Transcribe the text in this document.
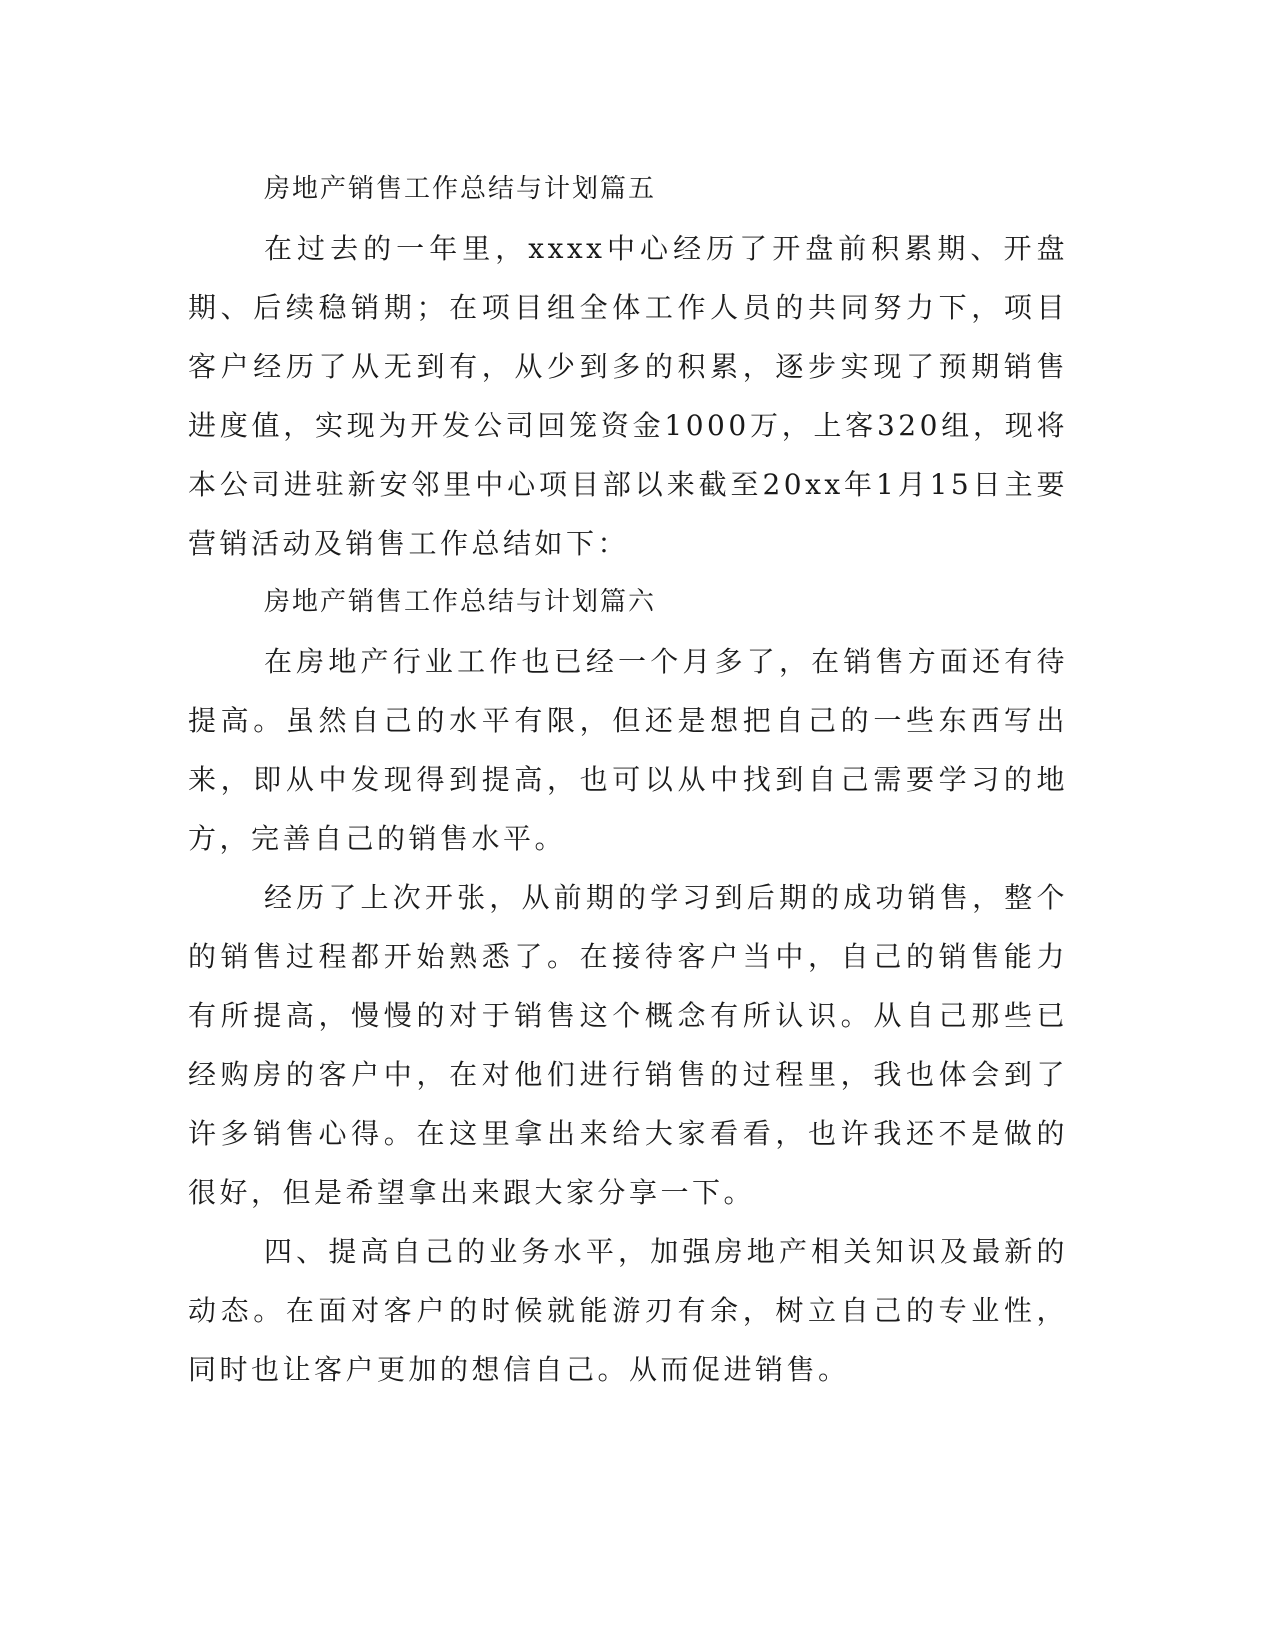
房地产销售工作总结与计划篇五

在过去的一年里，xxxx中心经历了开盘前积累期、开盘期、后续稳销期；在项目组全体工作人员的共同努力下，项目客户经历了从无到有，从少到多的积累，逐步实现了预期销售进度值，实现为开发公司回笼资金1000万，上客320组，现将本公司进驻新安邻里中心项目部以来截至20xx年1月15日主要营销活动及销售工作总结如下：

房地产销售工作总结与计划篇六

在房地产行业工作也已经一个月多了，在销售方面还有待提高。虽然自己的水平有限，但还是想把自己的一些东西写出来，即从中发现得到提高，也可以从中找到自己需要学习的地方，完善自己的销售水平。

经历了上次开张，从前期的学习到后期的成功销售，整个的销售过程都开始熟悉了。在接待客户当中，自己的销售能力有所提高，慢慢的对于销售这个概念有所认识。从自己那些已经购房的客户中，在对他们进行销售的过程里，我也体会到了许多销售心得。在这里拿出来给大家看看，也许我还不是做的很好，但是希望拿出来跟大家分享一下。

四、提高自己的业务水平，加强房地产相关知识及最新的动态。在面对客户的时候就能游刃有余，树立自己的专业性，同时也让客户更加的想信自己。从而促进销售。
